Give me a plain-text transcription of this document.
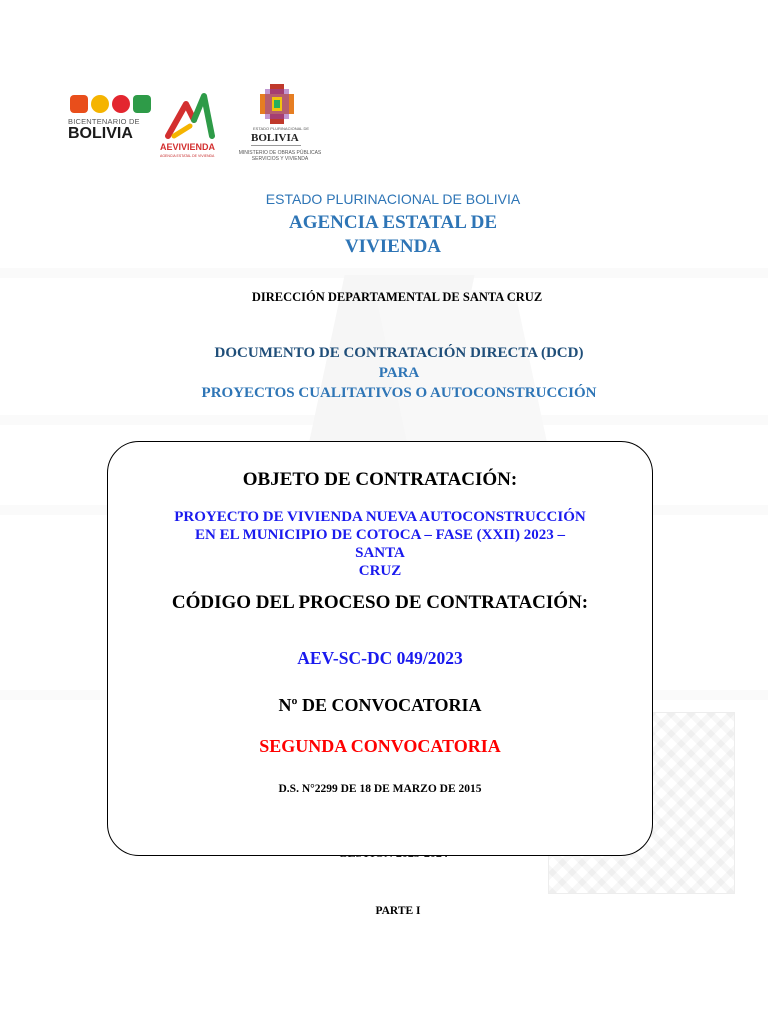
BICENTENARIO DE
BOLIVIA
AEVIVIENDA
AGENCIA ESTATAL DE VIVIENDA
ESTADO PLURINACIONAL DE
BOLIVIA
MINISTERIO DE OBRAS PÚBLICAS
SERVICIOS Y VIVIENDA
ESTADO PLURINACIONAL DE BOLIVIA
AGENCIA ESTATAL DE
VIVIENDA
DIRECCIÓN DEPARTAMENTAL DE SANTA CRUZ
DOCUMENTO DE CONTRATACIÓN DIRECTA (DCD)
PARA
PROYECTOS CUALITATIVOS O AUTOCONSTRUCCIÓN
OBJETO DE CONTRATACIÓN:
PROYECTO DE VIVIENDA NUEVA AUTOCONSTRUCCIÓN
EN EL MUNICIPIO DE COTOCA – FASE (XXII) 2023 –
SANTA
CRUZ
CÓDIGO DEL PROCESO DE CONTRATACIÓN:
AEV-SC-DC 049/2023
Nº DE CONVOCATORIA
SEGUNDA CONVOCATORIA
D.S. N°2299 DE 18 DE MARZO DE 2015
PARTE I
